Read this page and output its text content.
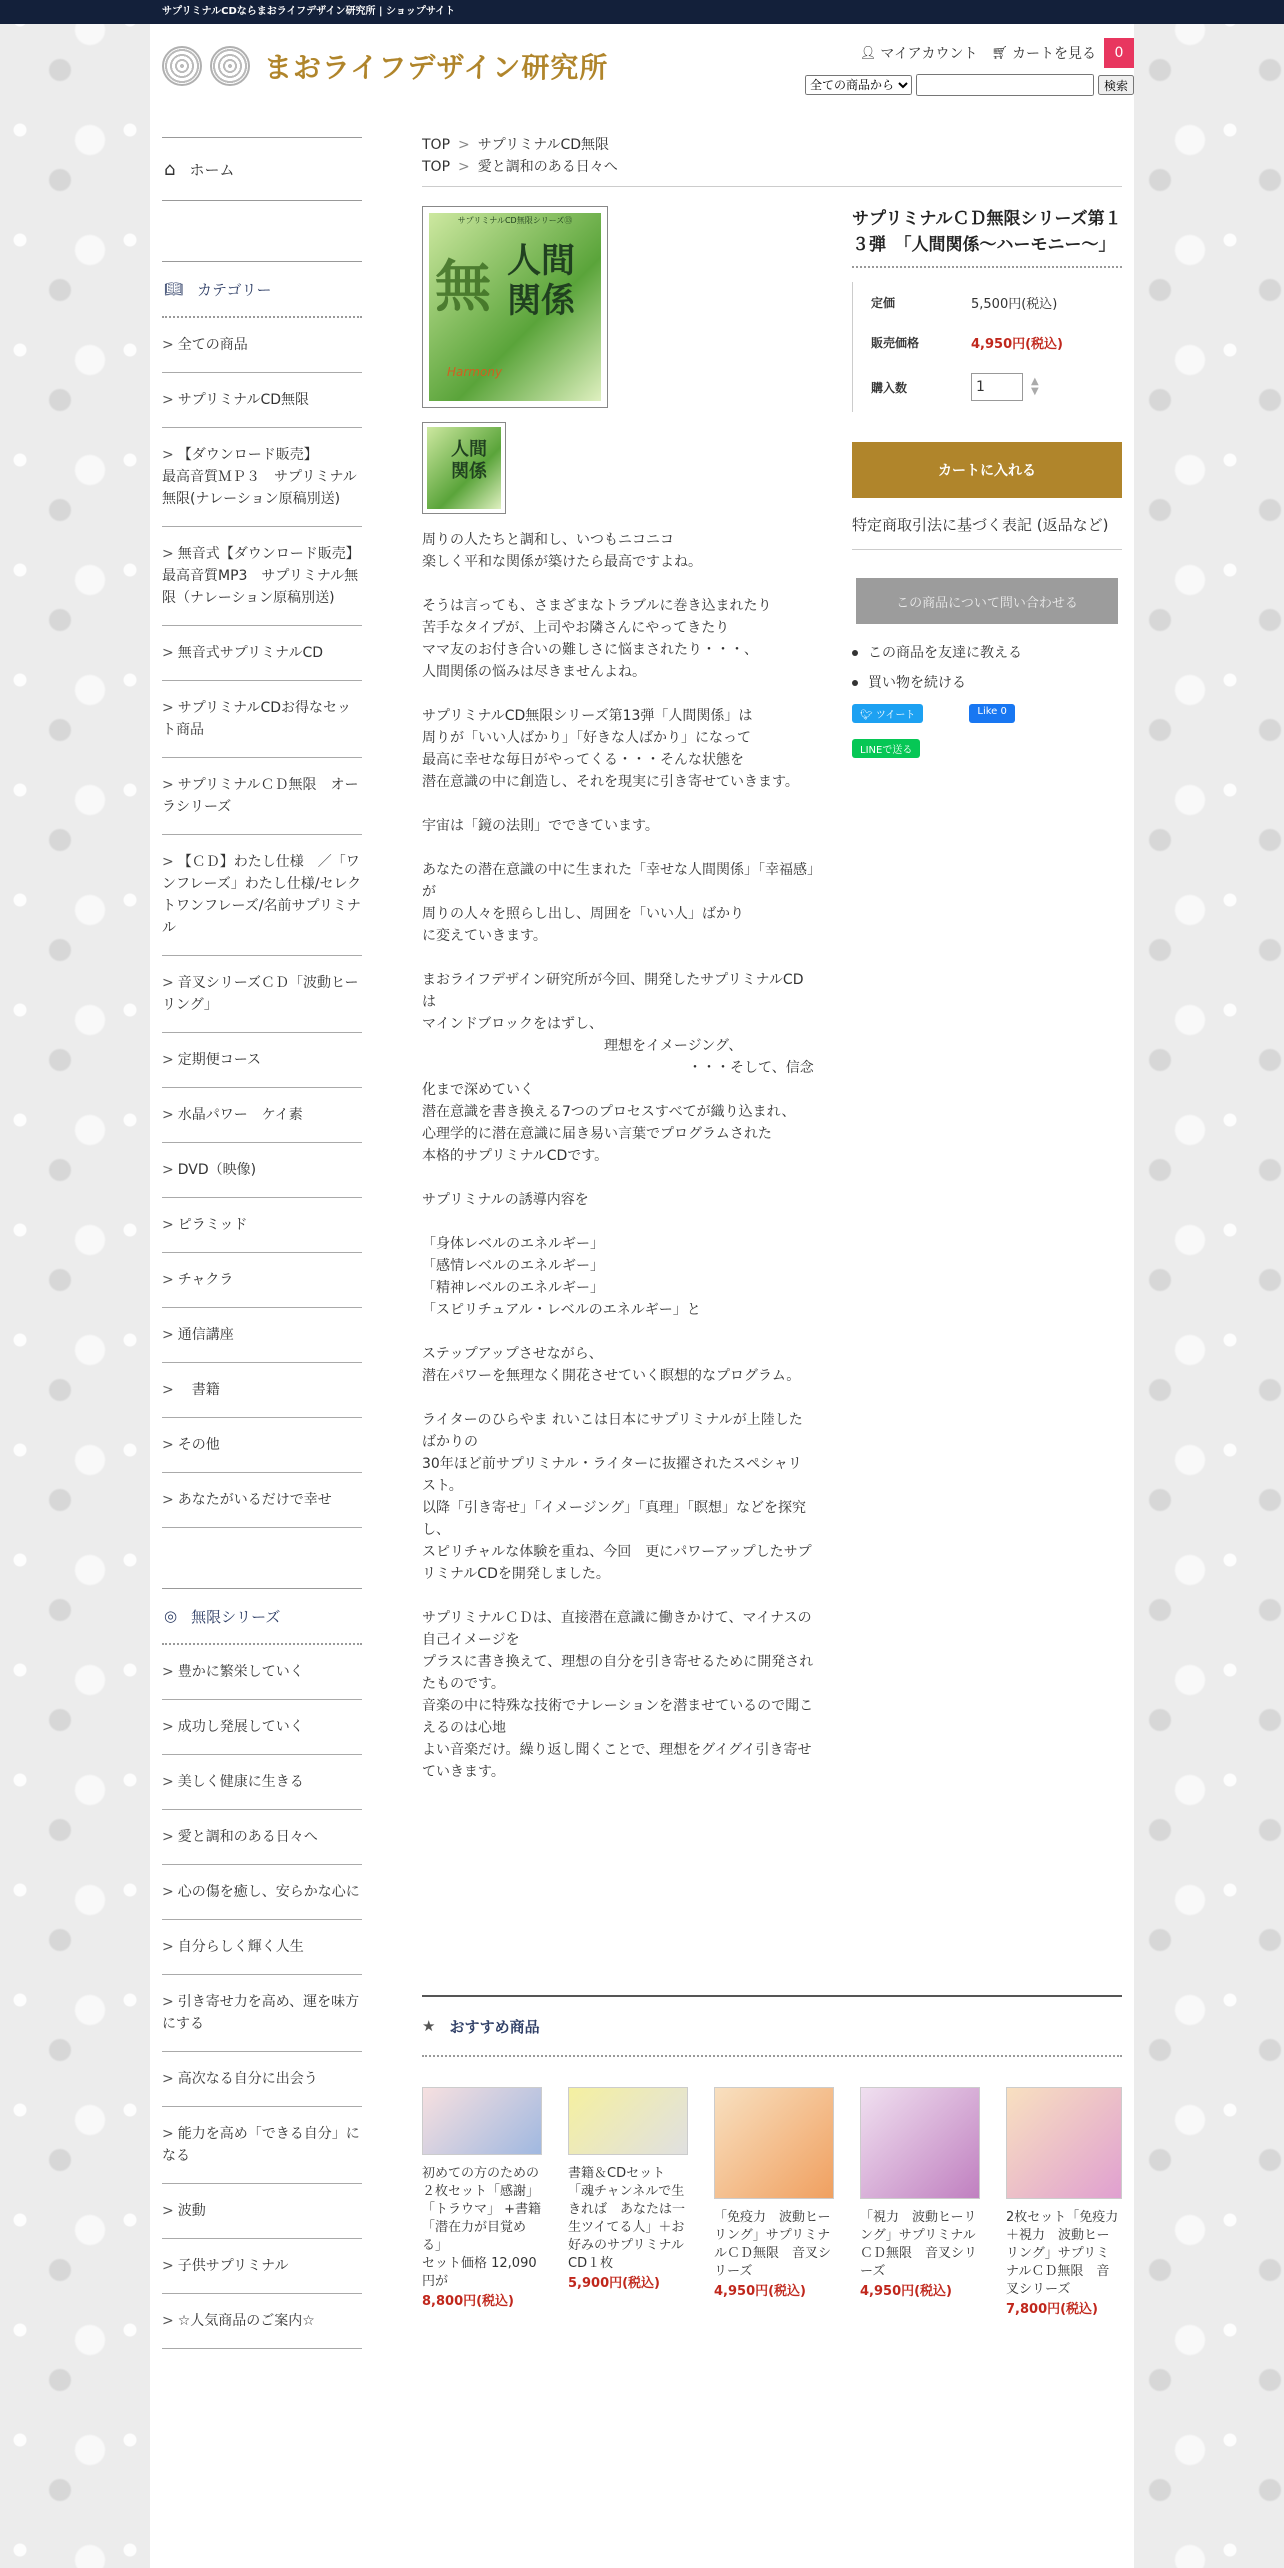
サプリミナルCDならまおライフデザイン研究所 | ショップサイト
まおライフデザイン研究所	👤︎ マイアカウント 🛒︎ カートを見る	0
全ての商品から
検索
⌂ ホーム
📖︎ カテゴリー
> 全ての商品
> サプリミナルCD無限
> 【ダウンロード販売】
最高音質ＭＰ３　サプリミナル無限(ナレーション原稿別送)
> 無音式【ダウンロード販売】　最高音質MP3　サプリミナル無限（ナレーション原稿別送)
> 無音式サプリミナルCD
> サプリミナルCDお得なセット商品
> サプリミナルＣＤ無限　オーラシリーズ
> 【ＣＤ】わたし仕様　／「ワンフレーズ」わたし仕様/セレクトワンフレーズ/名前サプリミナル
> 音叉シリーズＣＤ「波動ヒーリング」
> 定期便コース
> 水晶パワー　ケイ素
> DVD（映像)
> ピラミッド
> チャクラ
> 通信講座
>　書籍
> その他
> あなたがいるだけで幸せ
◎ 無限シリーズ
> 豊かに繁栄していく
> 成功し発展していく
> 美しく健康に生きる
> 愛と調和のある日々へ
> 心の傷を癒し、安らかな心に
> 自分らしく輝く人生
> 引き寄せ力を高め、運を味方にする
> 高次なる自分に出会う
> 能力を高め「できる自分」になる
> 波動
> 子供サプリミナル
> ☆人気商品のご案内☆
TOP > サプリミナルCD無限
TOP > 愛と調和のある日々へ
サプリミナルCD無限シリーズ⑬
無 人間関係
Harmony
人間関係

周りの人たちと調和し、いつもニコニコ
楽しく平和な関係が築けたら最高ですよね。

そうは言っても、さまざまなトラブルに巻き込まれたり
苦手なタイプが、上司やお隣さんにやってきたり
ママ友のお付き合いの難しさに悩まされたり・・・、
人間関係の悩みは尽きませんよね。

サプリミナルCD無限シリーズ第13弾「人間関係」は
周りが「いい人ばかり」「好きな人ばかり」になって
最高に幸せな毎日がやってくる・・・そんな状態を
潜在意識の中に創造し、それを現実に引き寄せていきます。

宇宙は「鏡の法則」でできています。

あなたの潜在意識の中に生まれた「幸せな人間関係」「幸福感」が
周りの人々を照らし出し、周囲を「いい人」ばかり
に変えていきます。

まおライフデザイン研究所が今回、開発したサプリミナルCDは
マインドブロックをはずし、
　　　　　　　　　　　　　理想をイメージング、
　　　　　　　　　　　　　　　　　　　・・・そして、信念化まで深めていく
潜在意識を書き換える7つのプロセスすべてが織り込まれ、
心理学的に潜在意識に届き易い言葉でプログラムされた
本格的サプリミナルCDです。

サプリミナルの誘導内容を

「身体レベルのエネルギー」
「感情レベルのエネルギー」
「精神レベルのエネルギー」
「スピリチュアル・レベルのエネルギー」と

ステップアップさせながら、
潜在パワーを無理なく開花させていく瞑想的なプログラム。

ライターのひらやま れいこは日本にサプリミナルが上陸したばかりの
30年ほど前サプリミナル・ライターに抜擢されたスペシャリスト。
以降「引き寄せ」「イメージング」「真理」「瞑想」などを探究し、
スピリチャルな体験を重ね、今回　更にパワーアップしたサプリミナルCDを開発しました。

サプリミナルＣＤは、直接潜在意識に働きかけて、マイナスの自己イメージを
プラスに書き換えて、理想の自分を引き寄せるために開発されたものです。
音楽の中に特殊な技術でナレーションを潜ませているので聞こえるのは心地
よい音楽だけ。繰り返し聞くことで、理想をグイグイ引き寄せていきます。

サプリミナルＣＤ無限シリーズ第１３弾　「人間関係～ハーモニー～」
定価	5,500円(税込)
販売価格	4,950円(税込)
購入数	1	▲
▼
カートに入れる
特定商取引法に基づく表記 (返品など)
この商品について問い合わせる
この商品を友達に教える
買い物を続ける
🐦︎ ツイート	Like 0
LINEで送る
★ おすすめ商品
初めての方のための２枚セット「感謝」「トラウマ」 +書籍「潜在力が目覚める」
セット価格 12,090円が
8,800円(税込)
書籍＆CDセット「魂チャンネルで生きれば　あなたは一生ツイてる人」＋お好みのサプリミナルCD１枚
5,900円(税込)
「免疫力　波動ヒーリング」サプリミナルＣＤ無限　音叉シリーズ
4,950円(税込)
「視力　波動ヒーリング」サプリミナルＣＤ無限　音叉シリーズ
4,950円(税込)
2枚セット「免疫力＋視力　波動ヒーリング」サプリミナルＣＤ無限　音叉シリーズ
7,800円(税込)
